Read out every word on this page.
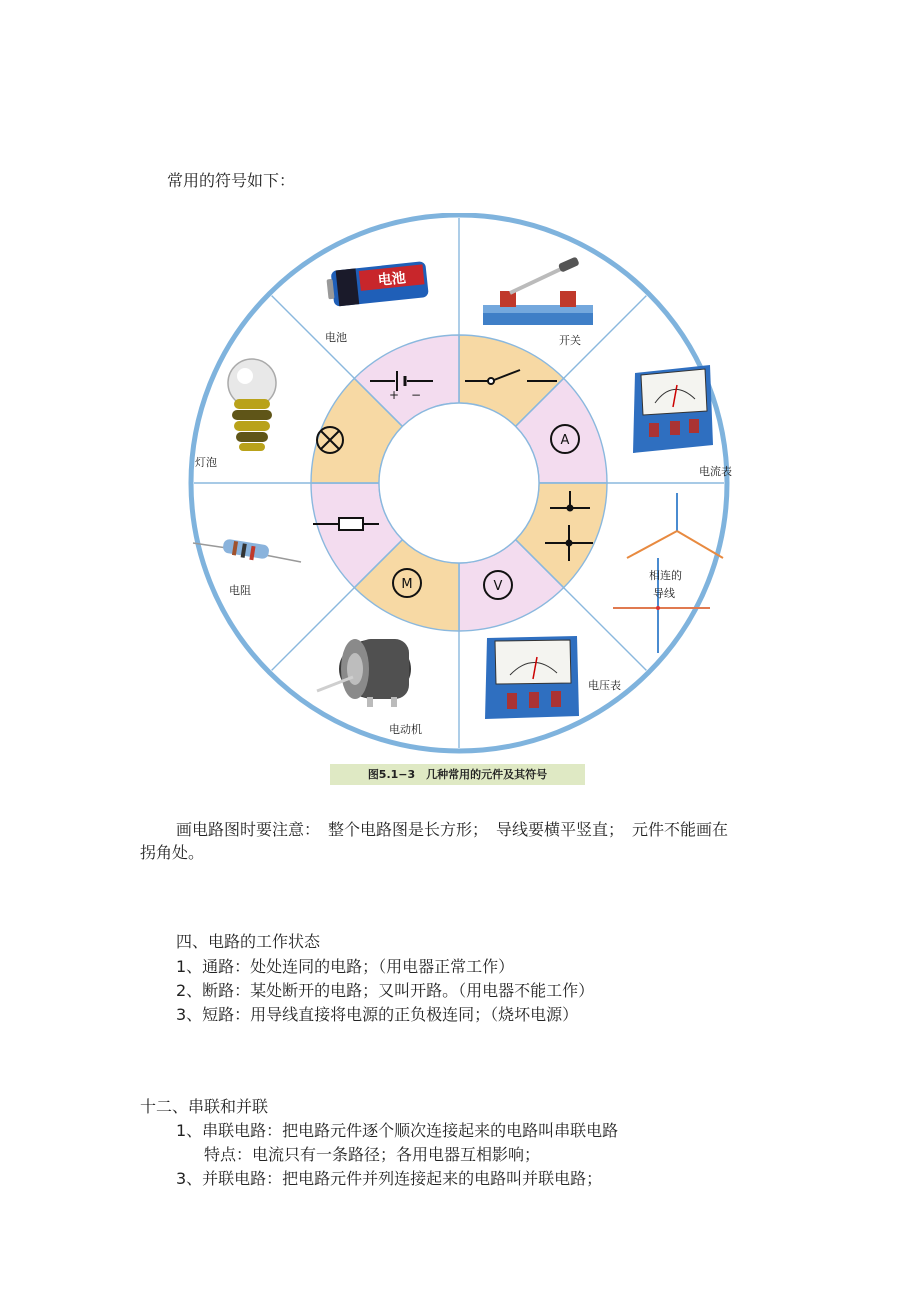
常用的符号如下：
+ −
A
V
M
电池
电池	开关
电流表
相连的
导线
电压表
电动机
电阻
灯泡
图5.1−3　几种常用的元件及其符号
画电路图时要注意：　整个电路图是长方形；　导线要横平竖直；　元件不能画在
拐角处。
四、电路的工作状态
1、通路：处处连同的电路；（用电器正常工作）
2、断路：某处断开的电路；又叫开路。（用电器不能工作）
3、短路：用导线直接将电源的正负极连同；（烧坏电源）
十二、串联和并联
1、串联电路：把电路元件逐个顺次连接起来的电路叫串联电路
特点：电流只有一条路径；各用电器互相影响；
3、并联电路：把电路元件并列连接起来的电路叫并联电路；
